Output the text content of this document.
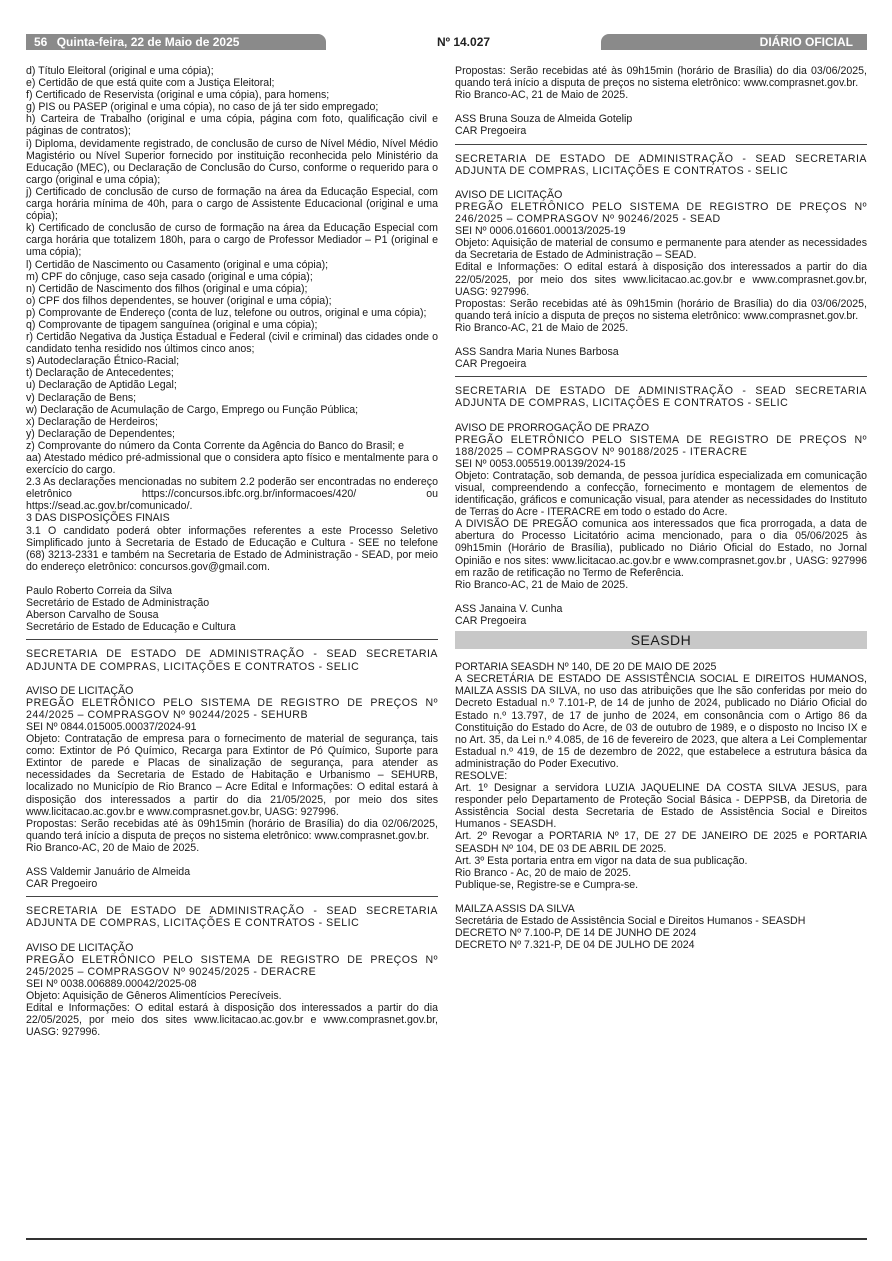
56 Quinta-feira, 22 de Maio de 2025	Nº 14.027	DIÁRIO OFICIAL

d) Título Eleitoral (original e uma cópia);

e) Certidão de que está quite com a Justiça Eleitoral;

f) Certificado de Reservista (original e uma cópia), para homens;

g) PIS ou PASEP (original e uma cópia), no caso de já ter sido empregado;

h) Carteira de Trabalho (original e uma cópia, página com foto, qualificação civil e páginas de contratos);

i) Diploma, devidamente registrado, de conclusão de curso de Nível Médio, Nível Médio Magistério ou Nível Superior fornecido por instituição reconhecida pelo Ministério da Educação (MEC), ou Declaração de Conclusão do Curso, conforme o requerido para o cargo (original e uma cópia);

j) Certificado de conclusão de curso de formação na área da Educação Especial, com carga horária mínima de 40h, para o cargo de Assistente Educacional (original e uma cópia);

k) Certificado de conclusão de curso de formação na área da Educação Especial com carga horária que totalizem 180h, para o cargo de Professor Mediador – P1 (original e uma cópia);

l) Certidão de Nascimento ou Casamento (original e uma cópia);

m) CPF do cônjuge, caso seja casado (original e uma cópia);

n) Certidão de Nascimento dos filhos (original e uma cópia);

o) CPF dos filhos dependentes, se houver (original e uma cópia);

p) Comprovante de Endereço (conta de luz, telefone ou outros, original e uma cópia);

q) Comprovante de tipagem sanguínea (original e uma cópia);

r) Certidão Negativa da Justiça Estadual e Federal (civil e criminal) das cidades onde o candidato tenha residido nos últimos cinco anos;

s) Autodeclaração Étnico-Racial;

t) Declaração de Antecedentes;

u) Declaração de Aptidão Legal;

v) Declaração de Bens;

w) Declaração de Acumulação de Cargo, Emprego ou Função Pública;

x) Declaração de Herdeiros;

y) Declaração de Dependentes;

z) Comprovante do número da Conta Corrente da Agência do Banco do Brasil; e

aa) Atestado médico pré-admissional que o considera apto físico e mentalmente para o exercício do cargo.

2.3 As declarações mencionadas no subitem 2.2 poderão ser encontradas no endereço eletrônico https://concursos.ibfc.org.br/informacoes/420/ ou https://sead.ac.gov.br/comunicado/.

3 DAS DISPOSIÇÕES FINAIS

3.1 O candidato poderá obter informações referentes a este Processo Seletivo Simplificado junto à Secretaria de Estado de Educação e Cultura - SEE no telefone (68) 3213-2331 e também na Secretaria de Estado de Administração - SEAD, por meio do endereço eletrônico: concursos.gov@gmail.com.

Paulo Roberto Correia da Silva

Secretário de Estado de Administração

Aberson Carvalho de Sousa

Secretário de Estado de Educação e Cultura

SECRETARIA DE ESTADO DE ADMINISTRAÇÃO - SEAD SECRETARIA ADJUNTA DE COMPRAS, LICITAÇÕES E CONTRATOS - SELIC

AVISO DE LICITAÇÃO

PREGÃO ELETRÔNICO PELO SISTEMA DE REGISTRO DE PREÇOS Nº 244/2025 – COMPRASGOV Nº 90244/2025 - SEHURB

SEI Nº 0844.015005.00037/2024-91

Objeto: Contratação de empresa para o fornecimento de material de segurança, tais como: Extintor de Pó Químico, Recarga para Extintor de Pó Químico, Suporte para Extintor de parede e Placas de sinalização de segurança, para atender as necessidades da Secretaria de Estado de Habitação e Urbanismo – SEHURB, localizado no Município de Rio Branco – Acre Edital e Informações: O edital estará à disposição dos interessados a partir do dia 21/05/2025, por meio dos sites www.licitacao.ac.gov.br e www.comprasnet.gov.br, UASG: 927996.

Propostas: Serão recebidas até às 09h15min (horário de Brasília) do dia 02/06/2025, quando terá início a disputa de preços no sistema eletrônico: www.comprasnet.gov.br.

Rio Branco-AC, 20 de Maio de 2025.

ASS Valdemir Januário de Almeida

CAR Pregoeiro

SECRETARIA DE ESTADO DE ADMINISTRAÇÃO - SEAD SECRETARIA ADJUNTA DE COMPRAS, LICITAÇÕES E CONTRATOS - SELIC

AVISO DE LICITAÇÃO

PREGÃO ELETRÔNICO PELO SISTEMA DE REGISTRO DE PREÇOS Nº 245/2025 – COMPRASGOV Nº 90245/2025 - DERACRE

SEI Nº 0038.006889.00042/2025-08

Objeto: Aquisição de Gêneros Alimentícios Perecíveis.

Edital e Informações: O edital estará à disposição dos interessados a partir do dia 22/05/2025, por meio dos sites www.licitacao.ac.gov.br e www.comprasnet.gov.br, UASG: 927996.

Propostas: Serão recebidas até às 09h15min (horário de Brasília) do dia 03/06/2025, quando terá início a disputa de preços no sistema eletrônico: www.comprasnet.gov.br.

Rio Branco-AC, 21 de Maio de 2025.

ASS Bruna Souza de Almeida Gotelip

CAR Pregoeira

SECRETARIA DE ESTADO DE ADMINISTRAÇÃO - SEAD SECRETARIA ADJUNTA DE COMPRAS, LICITAÇÕES E CONTRATOS - SELIC

AVISO DE LICITAÇÃO

PREGÃO ELETRÔNICO PELO SISTEMA DE REGISTRO DE PREÇOS Nº 246/2025 – COMPRASGOV Nº 90246/2025 - SEAD

SEI Nº 0006.016601.00013/2025-19

Objeto: Aquisição de material de consumo e permanente para atender as necessidades da Secretaria de Estado de Administração – SEAD.

Edital e Informações: O edital estará à disposição dos interessados a partir do dia 22/05/2025, por meio dos sites www.licitacao.ac.gov.br e www.comprasnet.gov.br, UASG: 927996.

Propostas: Serão recebidas até às 09h15min (horário de Brasília) do dia 03/06/2025, quando terá início a disputa de preços no sistema eletrônico: www.comprasnet.gov.br.

Rio Branco-AC, 21 de Maio de 2025.

ASS Sandra Maria Nunes Barbosa

CAR Pregoeira

SECRETARIA DE ESTADO DE ADMINISTRAÇÃO - SEAD SECRETARIA ADJUNTA DE COMPRAS, LICITAÇÕES E CONTRATOS - SELIC

AVISO DE PRORROGAÇÃO DE PRAZO

PREGÃO ELETRÔNICO PELO SISTEMA DE REGISTRO DE PREÇOS Nº 188/2025 – COMPRASGOV Nº 90188/2025 - ITERACRE

SEI Nº 0053.005519.00139/2024-15

Objeto: Contratação, sob demanda, de pessoa jurídica especializada em comunicação visual, compreendendo a confecção, fornecimento e montagem de elementos de identificação, gráficos e comunicação visual, para atender as necessidades do Instituto de Terras do Acre - ITERACRE em todo o estado do Acre.

A DIVISÃO DE PREGÃO comunica aos interessados que fica prorrogada, a data de abertura do Processo Licitatório acima mencionado, para o dia 05/06/2025 às 09h15min (Horário de Brasília), publicado no Diário Oficial do Estado, no Jornal Opinião e nos sites: www.licitacao.ac.gov.br e www.comprasnet.gov.br , UASG: 927996 em razão de retificação no Termo de Referência.

Rio Branco-AC, 21 de Maio de 2025.

ASS Janaina V. Cunha

CAR Pregoeira

SEASDH

PORTARIA SEASDH Nº 140, DE 20 DE MAIO DE 2025

A SECRETÁRIA DE ESTADO DE ASSISTÊNCIA SOCIAL E DIREITOS HUMANOS, MAILZA ASSIS DA SILVA, no uso das atribuições que lhe são conferidas por meio do Decreto Estadual n.º 7.101-P, de 14 de junho de 2024, publicado no Diário Oficial do Estado n.º 13.797, de 17 de junho de 2024, em consonância com o Artigo 86 da Constituição do Estado do Acre, de 03 de outubro de 1989, e o disposto no Inciso IX e no Art. 35, da Lei n.º 4.085, de 16 de fevereiro de 2023, que altera a Lei Complementar Estadual n.º 419, de 15 de dezembro de 2022, que estabelece a estrutura básica da administração do Poder Executivo.

RESOLVE:

Art. 1º Designar a servidora LUZIA JAQUELINE DA COSTA SILVA JESUS, para responder pelo Departamento de Proteção Social Básica - DEPPSB, da Diretoria de Assistência Social desta Secretaria de Estado de Assistência Social e Direitos Humanos - SEASDH.

Art. 2º Revogar a PORTARIA Nº 17, DE 27 DE JANEIRO DE 2025 e PORTARIA SEASDH Nº 104, DE 03 DE ABRIL DE 2025.

Art. 3º Esta portaria entra em vigor na data de sua publicação.

Rio Branco - Ac, 20 de maio de 2025.

Publique-se, Registre-se e Cumpra-se.

MAILZA ASSIS DA SILVA

Secretária de Estado de Assistência Social e Direitos Humanos - SEASDH

DECRETO Nº 7.100-P, DE 14 DE JUNHO DE 2024

DECRETO Nº 7.321-P, DE 04 DE JULHO DE 2024
